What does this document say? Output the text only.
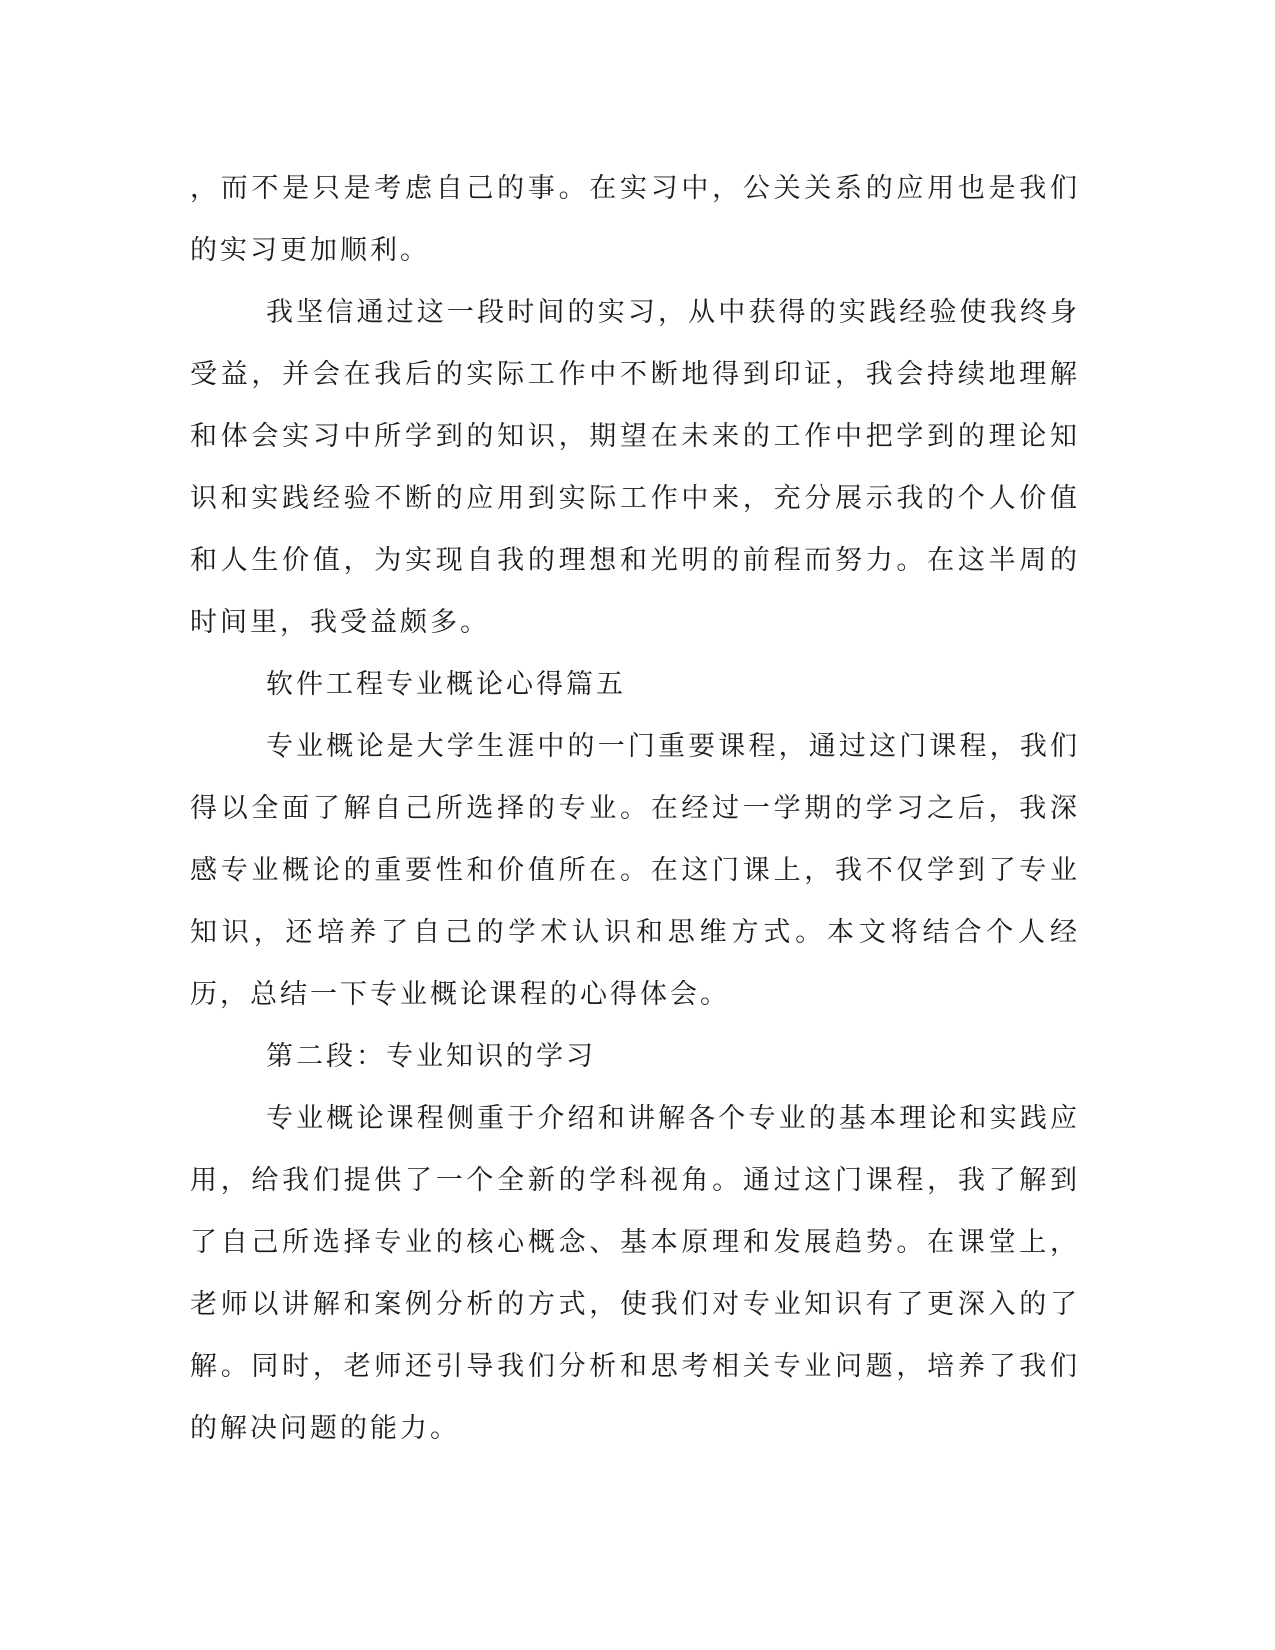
，而不是只是考虑自己的事。在实习中，公关关系的应用也是我们的实习更加顺利。

我坚信通过这一段时间的实习，从中获得的实践经验使我终身受益，并会在我后的实际工作中不断地得到印证，我会持续地理解和体会实习中所学到的知识，期望在未来的工作中把学到的理论知识和实践经验不断的应用到实际工作中来，充分展示我的个人价值和人生价值，为实现自我的理想和光明的前程而努力。在这半周的时间里，我受益颇多。

软件工程专业概论心得篇五

专业概论是大学生涯中的一门重要课程，通过这门课程，我们得以全面了解自己所选择的专业。在经过一学期的学习之后，我深感专业概论的重要性和价值所在。在这门课上，我不仅学到了专业知识，还培养了自己的学术认识和思维方式。本文将结合个人经历，总结一下专业概论课程的心得体会。

第二段：专业知识的学习

专业概论课程侧重于介绍和讲解各个专业的基本理论和实践应用，给我们提供了一个全新的学科视角。通过这门课程，我了解到了自己所选择专业的核心概念、基本原理和发展趋势。在课堂上，老师以讲解和案例分析的方式，使我们对专业知识有了更深入的了解。同时，老师还引导我们分析和思考相关专业问题，培养了我们的解决问题的能力。
